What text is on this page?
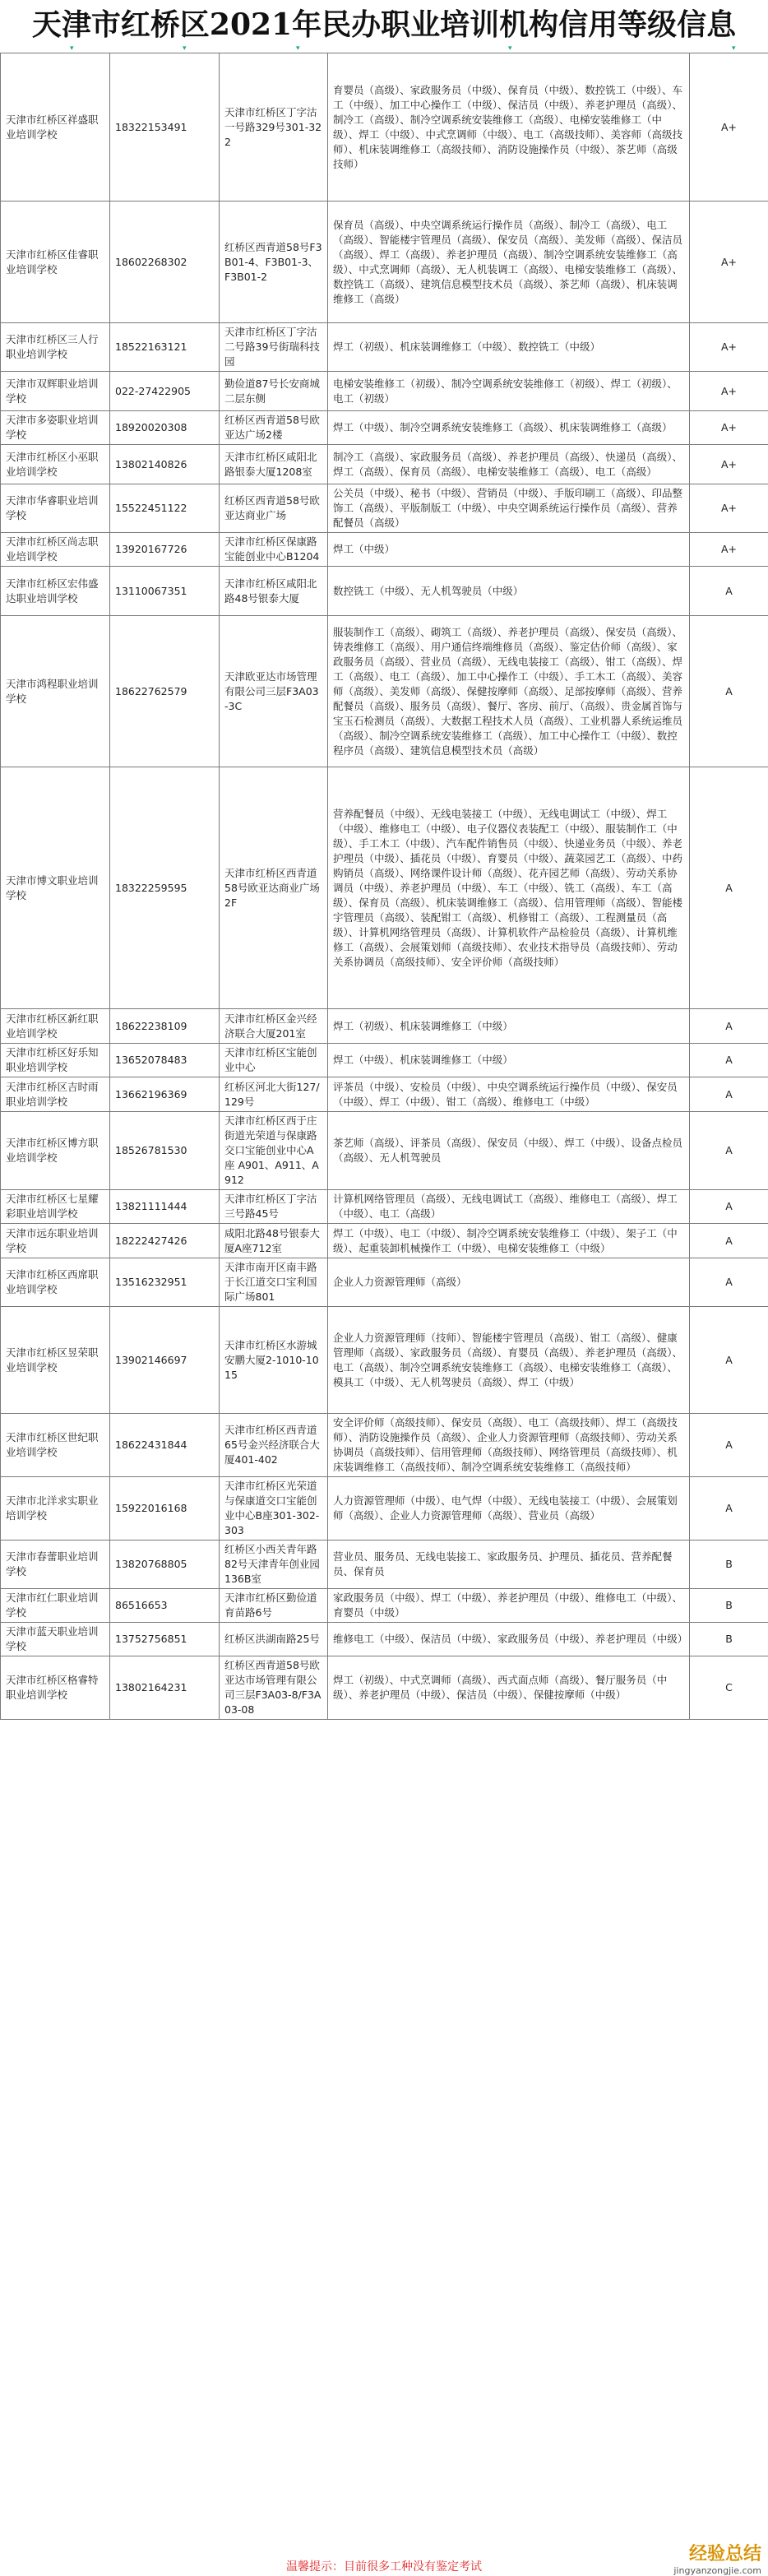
天津市红桥区2021年民办职业培训机构信用等级信息
▾	▾	▾	▾	▾
天津市红桥区祥盛职业培训学校	18322153491	天津市红桥区丁字沽一号路329号301-322	育婴员（高级）、家政服务员（中级）、保育员（中级）、数控铣工（中级）、车工（中级）、加工中心操作工（中级）、保洁员（中级）、养老护理员（高级）、制冷工（高级）、制冷空调系统安装维修工（高级）、电梯安装维修工（中级）、焊工（中级）、中式烹调师（中级）、电工（高级技师）、美容师（高级技师）、机床装调维修工（高级技师）、消防设施操作员（中级）、茶艺师（高级技师）	A+
天津市红桥区佳睿职业培训学校	18602268302	红桥区西青道58号F3B01-4、F3B01-3、F3B01-2	保育员（高级）、中央空调系统运行操作员（高级）、制冷工（高级）、电工（高级）、智能楼宇管理员（高级）、保安员（高级）、美发师（高级）、保洁员（高级）、焊工（高级）、养老护理员（高级）、制冷空调系统安装维修工（高级）、中式烹调师（高级）、无人机装调工（高级）、电梯安装维修工（高级）、数控铣工（高级）、建筑信息模型技术员（高级）、茶艺师（高级）、机床装调维修工（高级）	A+
天津市红桥区三人行职业培训学校	18522163121	天津市红桥区丁字沽二号路39号街瑞科技园	焊工（初级）、机床装调维修工（中级）、数控铣工（中级）	A+
天津市双辉职业培训学校	022-27422905	勤俭道87号长安商城二层东侧	电梯安装维修工（初级）、制冷空调系统安装维修工（初级）、焊工（初级）、电工（初级）	A+
天津市多姿职业培训学校	18920020308	红桥区西青道58号欧亚达广场2楼	焊工（中级）、制冷空调系统安装维修工（高级）、机床装调维修工（高级）	A+
天津市红桥区小巫职业培训学校	13802140826	天津市红桥区咸阳北路银泰大厦1208室	制冷工（高级）、家政服务员（高级）、养老护理员（高级）、快递员（高级）、焊工（高级）、保育员（高级）、电梯安装维修工（高级）、电工（高级）	A+
天津市华睿职业培训学校	15522451122	红桥区西青道58号欧亚达商业广场	公关员（中级）、秘书（中级）、营销员（中级）、手版印刷工（高级）、印品整饰工（高级）、平版制版工（中级）、中央空调系统运行操作员（高级）、营养配餐员（高级）	A+
天津市红桥区尚志职业培训学校	13920167726	天津市红桥区保康路宝能创业中心B1204	焊工（中级）	A+
天津市红桥区宏伟盛达职业培训学校	13110067351	天津市红桥区咸阳北路48号银泰大厦	数控铣工（中级）、无人机驾驶员（中级）	A
天津市鸿程职业培训学校	18622762579	天津欧亚达市场管理有限公司三层F3A03-3C	服装制作工（高级）、砌筑工（高级）、养老护理员（高级）、保安员（高级）、铸表维修工（高级）、用户通信终端维修员（高级）、鉴定估价师（高级）、家政服务员（高级）、营业员（高级）、无线电装接工（高级）、钳工（高级）、焊工（高级）、电工（高级）、加工中心操作工（中级）、手工木工（高级）、美容师（高级）、美发师（高级）、保健按摩师（高级）、足部按摩师（高级）、营养配餐员（高级）、服务员（高级）、餐厅、客房、前厅、（高级）、贵金属首饰与宝玉石检测员（高级）、大数据工程技术人员（高级）、工业机器人系统运维员（高级）、制冷空调系统安装维修工（高级）、加工中心操作工（中级）、数控程序员（高级）、建筑信息模型技术员（高级）	A
天津市博文职业培训学校	18322259595	天津市红桥区西青道58号欧亚达商业广场2F	营养配餐员（中级）、无线电装接工（中级）、无线电调试工（中级）、焊工（中级）、维修电工（中级）、电子仪器仪表装配工（中级）、服装制作工（中级）、手工木工（中级）、汽车配件销售员（中级）、快递业务员（中级）、养老护理员（中级）、插花员（中级）、育婴员（中级）、蔬菜园艺工（高级）、中药购销员（高级）、网络课件设计师（高级）、花卉园艺师（高级）、劳动关系协调员（中级）、养老护理员（中级）、车工（中级）、铣工（高级）、车工（高级）、保育员（高级）、机床装调维修工（高级）、信用管理师（高级）、智能楼宇管理员（高级）、装配钳工（高级）、机修钳工（高级）、工程测量员（高级）、计算机网络管理员（高级）、计算机软件产品检验员（高级）、计算机维修工（高级）、会展策划师（高级技师）、农业技术指导员（高级技师）、劳动关系协调员（高级技师）、安全评价师（高级技师）	A
天津市红桥区新红职业培训学校	18622238109	天津市红桥区金兴经济联合大厦201室	焊工（初级）、机床装调维修工（中级）	A
天津市红桥区好乐知职业培训学校	13652078483	天津市红桥区宝能创业中心	焊工（中级）、机床装调维修工（中级）	A
天津市红桥区吉时雨职业培训学校	13662196369	红桥区河北大街127/129号	评茶员（中级）、安检员（中级）、中央空调系统运行操作员（中级）、保安员（中级）、焊工（中级）、钳工（高级）、维修电工（中级）	A
天津市红桥区博方职业培训学校	18526781530	天津市红桥区西于庄街道光荣道与保康路交口宝能创业中心A座 A901、A911、A912	茶艺师（高级）、评茶员（高级）、保安员（中级）、焊工（中级）、设备点检员（高级）、无人机驾驶员	A
天津市红桥区七星耀彩职业培训学校	13821111444	天津市红桥区丁字沽三号路45号	计算机网络管理员（高级）、无线电调试工（高级）、维修电工（高级）、焊工（中级）、电工（高级）	A
天津市远东职业培训学校	18222427426	咸阳北路48号银泰大厦A座712室	焊工（中级）、电工（中级）、制冷空调系统安装维修工（中级）、架子工（中级）、起重装卸机械操作工（中级）、电梯安装维修工（中级）	A
天津市红桥区西席职业培训学校	13516232951	天津市南开区南丰路于长江道交口宝利国际广场801	企业人力资源管理师（高级）	A
天津市红桥区昱荣职业培训学校	13902146697	天津市红桥区水游城安鹏大厦2-1010-1015	企业人力资源管理师（技师）、智能楼宇管理员（高级）、钳工（高级）、健康管理师（高级）、家政服务员（高级）、育婴员（高级）、养老护理员（高级）、电工（高级）、制冷空调系统安装维修工（高级）、电梯安装维修工（高级）、模具工（中级）、无人机驾驶员（高级）、焊工（中级）	A
天津市红桥区世纪职业培训学校	18622431844	天津市红桥区西青道65号金兴经济联合大厦401-402	安全评价师（高级技师）、保安员（高级）、电工（高级技师）、焊工（高级技师）、消防设施操作员（高级）、企业人力资源管理师（高级技师）、劳动关系协调员（高级技师）、信用管理师（高级技师）、网络管理员（高级技师）、机床装调维修工（高级技师）、制冷空调系统安装维修工（高级技师）	A
天津市北洋求实职业培训学校	15922016168	天津市红桥区光荣道与保康道交口宝能创业中心B座301-302-303	人力资源管理师（中级）、电气焊（中级）、无线电装接工（中级）、会展策划师（高级）、企业人力资源管理师（高级）、营业员（高级）	A
天津市春蕾职业培训学校	13820768805	红桥区小西关青年路82号天津青年创业园136B室	营业员、服务员、无线电装接工、家政服务员、护理员、插花员、营养配餐员、保育员	B
天津市红仁职业培训学校	86516653	天津市红桥区勤俭道育苗路6号	家政服务员（中级）、焊工（中级）、养老护理员（中级）、维修电工（中级）、育婴员（中级）	B
天津市蓝天职业培训学校	13752756851	红桥区洪湖南路25号	维修电工（中级）、保洁员（中级）、家政服务员（中级）、养老护理员（中级）	B
天津市红桥区格睿特职业培训学校	13802164231	红桥区西青道58号欧亚达市场管理有限公司三层F3A03-8/F3A03-08	焊工（初级）、中式烹调师（高级）、西式面点师（高级）、餐厅服务员（中级）、养老护理员（中级）、保洁员（中级）、保健按摩师（中级）	C
温馨提示：目前很多工种没有鉴定考试
经验总结
jingyanzongjie.com
